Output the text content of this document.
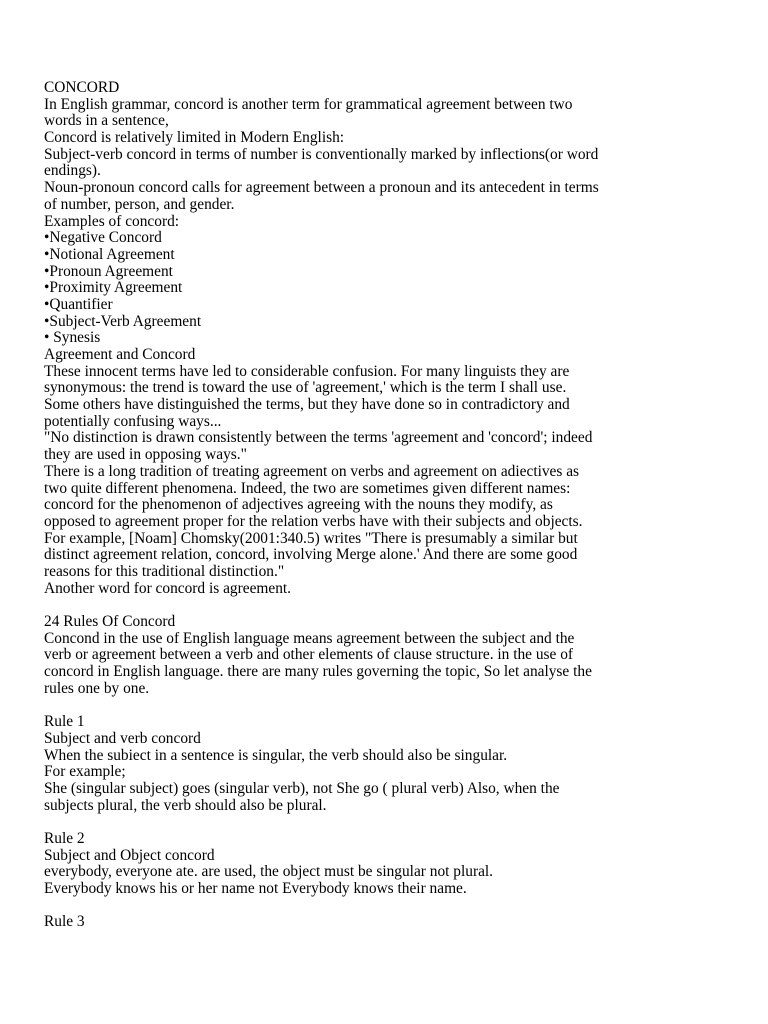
CONCORD
In English grammar, concord is another term for grammatical agreement between two
words in a sentence,
Concord is relatively limited in Modern English:
Subject-verb concord in terms of number is conventionally marked by inflections(or word
endings).
Noun-pronoun concord calls for agreement between a pronoun and its antecedent in terms
of number, person, and gender.
Examples of concord:
•Negative Concord
•Notional Agreement
•Pronoun Agreement
•Proximity Agreement
•Quantifier
•Subject-Verb Agreement
• Synesis
Agreement and Concord
These innocent terms have led to considerable confusion. For many linguists they are
synonymous: the trend is toward the use of 'agreement,' which is the term I shall use.
Some others have distinguished the terms, but they have done so in contradictory and
potentially confusing ways...
"No distinction is drawn consistently between the terms 'agreement and 'concord'; indeed
they are used in opposing ways."
There is a long tradition of treating agreement on verbs and agreement on adiectives as
two quite different phenomena. Indeed, the two are sometimes given different names:
concord for the phenomenon of adjectives agreeing with the nouns they modify, as
opposed to agreement proper for the relation verbs have with their subjects and objects.
For example, [Noam] Chomsky(2001:340.5) writes "There is presumably a similar but
distinct agreement relation, concord, involving Merge alone.' And there are some good
reasons for this traditional distinction."
Another word for concord is agreement.
24 Rules Of Concord
Concond in the use of English language means agreement between the subject and the
verb or agreement between a verb and other elements of clause structure. in the use of
concord in English language. there are many rules governing the topic, So let analyse the
rules one by one.
Rule 1
Subject and verb concord
When the subiect in a sentence is singular, the verb should also be singular.
For example;
She (singular subject) goes (singular verb), not She go ( plural verb) Also, when the
subjects plural, the verb should also be plural.
Rule 2
Subject and Object concord
everybody, everyone ate. are used, the object must be singular not plural.
Everybody knows his or her name not Everybody knows their name.
Rule 3
